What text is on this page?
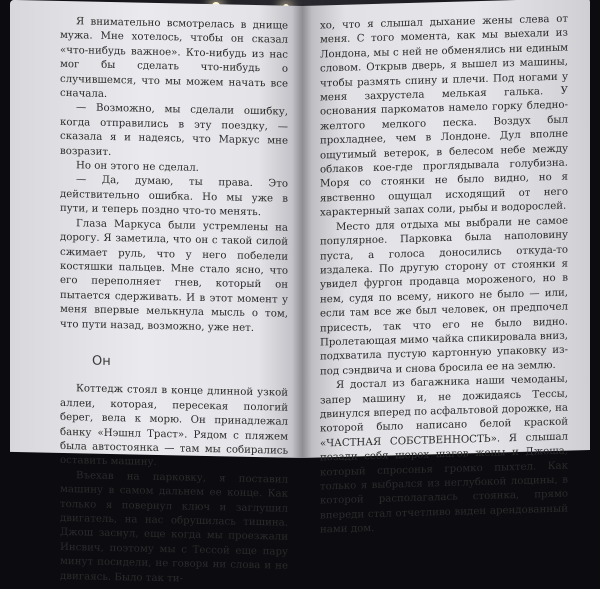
Я внимательно всмотрелась в днище мужа. Мне хотелось, чтобы он сказал «что-нибудь важное». Кто-нибудь из нас мог бы сделать что-нибудь о случившемся, что мы можем начать все сначала.

— Возможно, мы сделали ошибку, когда отправились в эту поездку, — сказала я и надеясь, что Маркус мне возразит.

Но он этого не сделал.

— Да, думаю, ты права. Это действительно ошибка. Но мы уже в пути, и теперь поздно что-то менять.

Глаза Маркуса были устремлены на дорогу. Я заметила, что он с такой силой сжимает руль, что у него побелели костяшки пальцев. Мне стало ясно, что его переполняет гнев, который он пытается сдерживать. И в этот момент у меня впервые мелькнула мысль о том, что пути назад, возможно, уже нет.

Он

Коттедж стоял в конце длинной узкой аллеи, которая, пересекая пологий берег, вела к морю. Он принадлежал банку «Нэшнл Траст». Рядом с пляжем была автостоянка — там мы собирались оставить машину.

Въехав на парковку, я поставил машину в самом дальнем ее конце. Как только я повернул ключ и заглушил двигатель, на нас обрушилась тишина. Джош заснул, еще когда мы проезжали Инсвич, поэтому мы с Тессой еще пару минут посидели, не говоря ни слова и не двигаясь. Было так ти-

хо, что я слышал дыхание жены слева от меня. С того момента, как мы выехали из Лондона, мы с ней не обменялись ни единым словом. Открыв дверь, я вышел из машины, чтобы размять спину и плечи. Под ногами у меня захрустела мелькая галька. У основания паркоматов намело горку бледно-желтого мелкого песка. Воздух был прохладнее, чем в Лондоне. Дул вполне ощутимый ветерок, в белесом небе между облаков кое-где проглядывала голубизна. Моря со стоянки не было видно, но я явственно ощущал исходящий от него характерный запах соли, рыбы и водорослей.

Место для отдыха мы выбрали не самое популярное. Парковка была наполовину пуста, а голоса доносились откуда-то издалека. По другую сторону от стоянки я увидел фургон продавца мороженого, но в нем, судя по всему, никого не было — или, если там все же был человек, он предпочел присесть, так что его не было видно. Пролетающая мимо чайка спикировала вниз, подхватила пустую картонную упаковку из-под сэндвича и снова бросила ее на землю.

Я достал из багажника наши чемоданы, запер машину и, не дожидаясь Тессы, двинулся вперед по асфальтовой дорожке, на которой было написано белой краской «ЧАСТНАЯ СОБСТВЕННОСТЬ». Я слышал позади себя шорох шагов жены и Джоша, который спросонья громко пыхтел. Как только я выбрался из неглубокой лощины, в которой располагалась стоянка, прямо впереди стал отчетливо виден арендованный нами дом.
